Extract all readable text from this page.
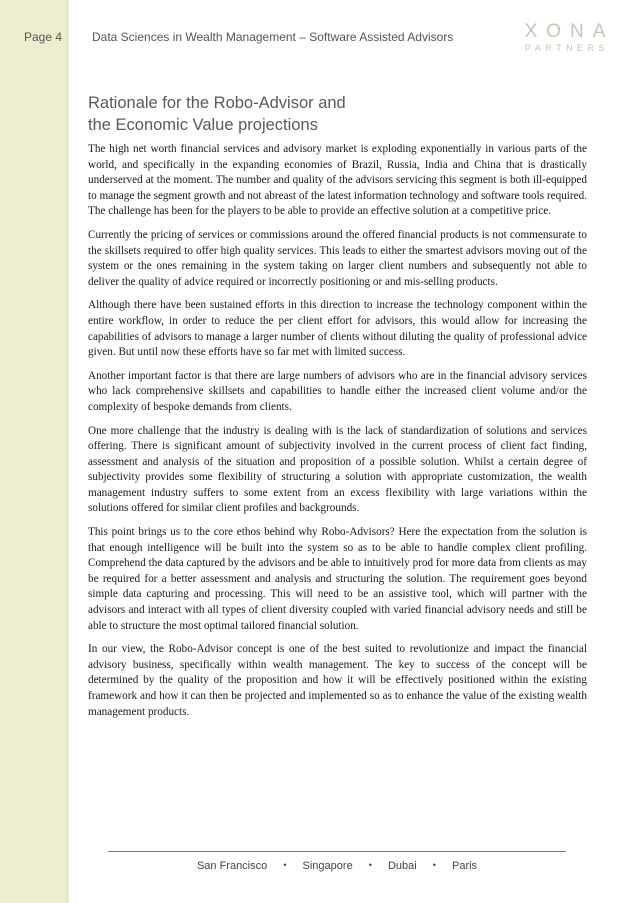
Page 4 Data Sciences in Wealth Management – Software Assisted Advisors	XONA
PARTNERS
Rationale for the Robo-Advisor and
the Economic Value projections

The high net worth financial services and advisory market is exploding exponentially in various parts of the world, and specifically in the expanding economies of Brazil, Russia, India and China that is drastically underserved at the moment. The number and quality of the advisors servicing this segment is both ill-equipped to manage the segment growth and not abreast of the latest information technology and software tools required. The challenge has been for the players to be able to provide an effective solution at a competitive price.

Currently the pricing of services or commissions around the offered financial products is not commensurate to the skillsets required to offer high quality services. This leads to either the smartest advisors moving out of the system or the ones remaining in the system taking on larger client numbers and subsequently not able to deliver the quality of advice required or incorrectly positioning or and mis-selling products.

Although there have been sustained efforts in this direction to increase the technology component within the entire workflow, in order to reduce the per client effort for advisors, this would allow for increasing the capabilities of advisors to manage a larger number of clients without diluting the quality of professional advice given. But until now these efforts have so far met with limited success.

Another important factor is that there are large numbers of advisors who are in the financial advisory services who lack comprehensive skillsets and capabilities to handle either the increased client volume and/or the complexity of bespoke demands from clients.

One more challenge that the industry is dealing with is the lack of standardization of solutions and services offering. There is significant amount of subjectivity involved in the current process of client fact finding, assessment and analysis of the situation and proposition of a possible solution. Whilst a certain degree of subjectivity provides some flexibility of structuring a solution with appropriate customization, the wealth management industry suffers to some extent from an excess flexibility with large variations within the solutions offered for similar client profiles and backgrounds.

This point brings us to the core ethos behind why Robo-Advisors? Here the expectation from the solution is that enough intelligence will be built into the system so as to be able to handle complex client profiling. Comprehend the data captured by the advisors and be able to intuitively prod for more data from clients as may be required for a better assessment and analysis and structuring the solution. The requirement goes beyond simple data capturing and processing. This will need to be an assistive tool, which will partner with the advisors and interact with all types of client diversity coupled with varied financial advisory needs and still be able to structure the most optimal tailored financial solution.

In our view, the Robo-Advisor concept is one of the best suited to revolutionize and impact the financial advisory business, specifically within wealth management. The key to success of the concept will be determined by the quality of the proposition and how it will be effectively positioned within the existing framework and how it can then be projected and implemented so as to enhance the value of the existing wealth management products.

San Francisco • Singapore • Dubai • Paris
